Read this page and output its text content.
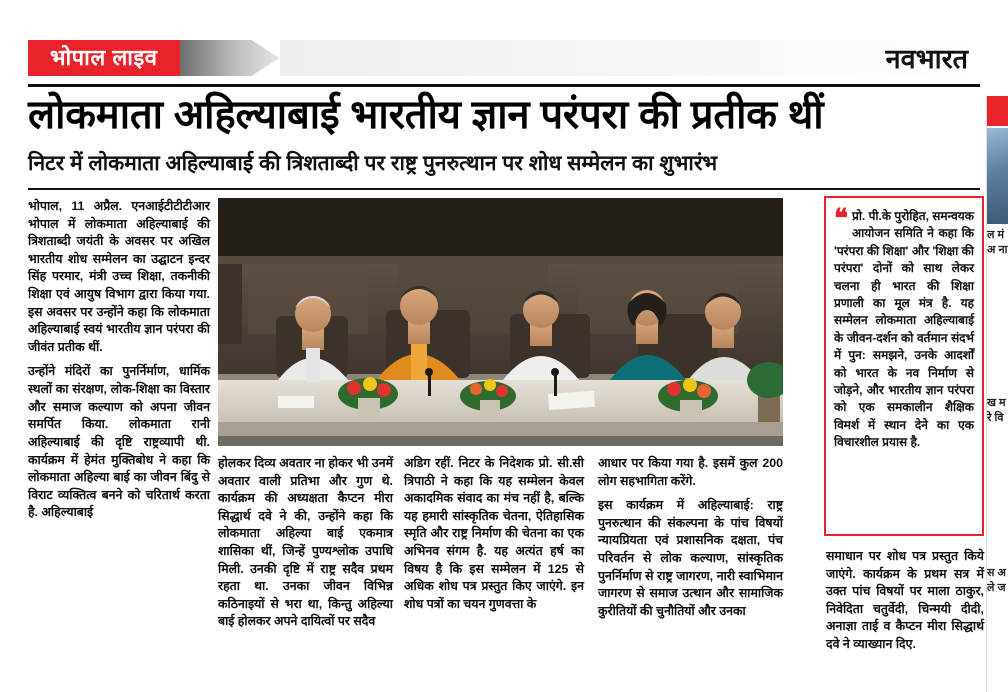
भोपाल लाइव	नवभारत
लोकमाता अहिल्याबाई भारतीय ज्ञान परंपरा की प्रतीक थीं
निटर में लोकमाता अहिल्याबाई की त्रिशताब्दी पर राष्ट्र पुनरुत्थान पर शोध सम्मेलन का शुभारंभ

भोपाल, 11 अप्रैल. एनआईटीटीटीआर भोपाल में लोकमाता अहिल्याबाई की त्रिशताब्दी जयंती के अवसर पर अखिल भारतीय शोध सम्मेलन का उद्घाटन इन्दर सिंह परमार, मंत्री उच्च शिक्षा, तकनीकी शिक्षा एवं आयुष विभाग द्वारा किया गया. इस अवसर पर उन्होंने कहा कि लोकमाता अहिल्याबाई स्वयं भारतीय ज्ञान परंपरा की जीवंत प्रतीक थीं.

उन्होंने मंदिरों का पुनर्निर्माण, धार्मिक स्थलों का संरक्षण, लोक-शिक्षा का विस्तार और समाज कल्याण को अपना जीवन समर्पित किया. लोकमाता रानी अहिल्याबाई की दृष्टि राष्ट्रव्यापी थी. कार्यक्रम में हेमंत मुक्तिबोध ने कहा कि लोकमाता अहिल्या बाई का जीवन बिंदु से विराट व्यक्तित्व बनने को चरितार्थ करता है. अहिल्याबाई

होलकर दिव्य अवतार ना होकर भी उनमें अवतार वाली प्रतिभा और गुण थे. कार्यक्रम की अध्यक्षता कैप्टन मीरा सिद्धार्थ दवे ने की, उन्होंने कहा कि लोकमाता अहिल्या बाई एकमात्र शासिका थीं, जिन्हें पुण्यश्लोक उपाधि मिली. उनकी दृष्टि में राष्ट्र सदैव प्रथम रहता था. उनका जीवन विभिन्न कठिनाइयों से भरा था, किन्तु अहिल्या बाई होलकर अपने दायित्वों पर सदैव

अडिग रहीं. निटर के निदेशक प्रो. सी.सी त्रिपाठी ने कहा कि यह सम्मेलन केवल अकादमिक संवाद का मंच नहीं है, बल्कि यह हमारी सांस्कृतिक चेतना, ऐतिहासिक स्मृति और राष्ट्र निर्माण की चेतना का एक अभिनव संगम है. यह अत्यंत हर्ष का विषय है कि इस सम्मेलन में 125 से अधिक शोध पत्र प्रस्तुत किए जाएंगे. इन शोध पत्रों का चयन गुणवत्ता के

आधार पर किया गया है. इसमें कुल 200 लोग सहभागिता करेंगे.

इस कार्यक्रम में अहिल्याबाई: राष्ट्र पुनरुत्थान की संकल्पना के पांच विषयों न्यायप्रियता एवं प्रशासनिक दक्षता, पंच परिवर्तन से लोक कल्याण, सांस्कृतिक पुनर्निर्माण से राष्ट्र जागरण, नारी स्वाभिमान जागरण से समाज उत्थान और सामाजिक कुरीतियों की चुनौतियों और उनका

समाधान पर शोध पत्र प्रस्तुत किये जाएंगे. कार्यक्रम के प्रथम सत्र में उक्त पांच विषयों पर माला ठाकुर, निवेदिता चतुर्वेदी, चिन्मयी दीदी, अनाज्ञा ताई व कैप्टन मीरा सिद्धार्थ दवे ने व्याख्यान दिए.

❝ प्रो. पी.के पुरोहित, समन्वयक आयोजन समिति ने कहा कि 'परंपरा की शिक्षा' और 'शिक्षा की परंपरा' दोनों को साथ लेकर चलना ही भारत की शिक्षा प्रणाली का मूल मंत्र है. यह सम्मेलन लोकमाता अहिल्याबाई के जीवन-दर्शन को वर्तमान संदर्भ में पुन: समझने, उनके आदर्शों को भारत के नव निर्माण से जोड़ने, और भारतीय ज्ञान परंपरा को एक समकालीन शैक्षिक विमर्श में स्थान देने का एक विचारशील प्रयास है.
ल मं अ ना
ख म रे वि
स अ ले ज
